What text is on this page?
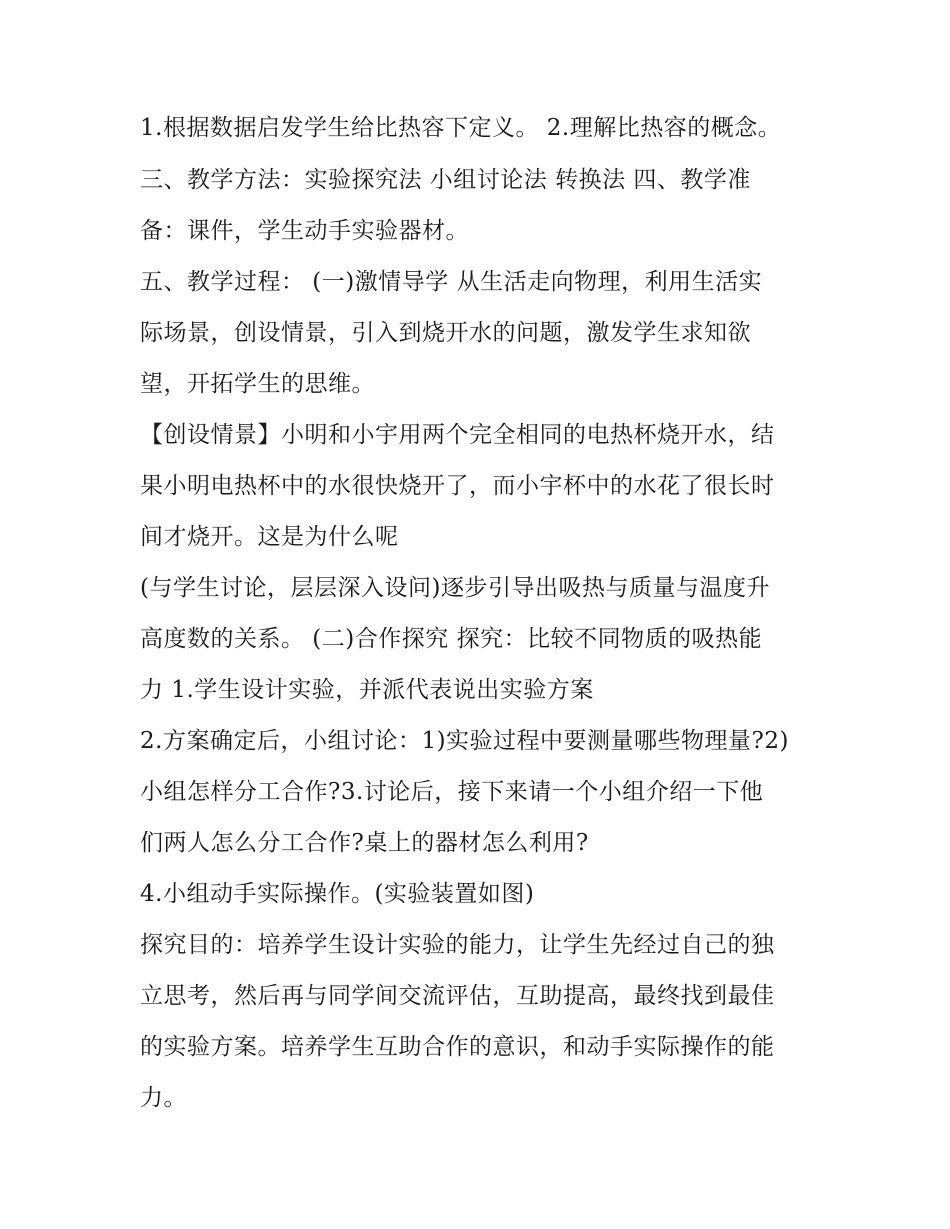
1.根据数据启发学生给比热容下定义。 2.理解比热容的概念。
三、教学方法：实验探究法 小组讨论法 转换法 四、教学准
备：课件，学生动手实验器材。
五、教学过程： (一)激情导学 从生活走向物理，利用生活实
际场景，创设情景，引入到烧开水的问题，激发学生求知欲
望，开拓学生的思维。
【创设情景】小明和小宇用两个完全相同的电热杯烧开水，结
果小明电热杯中的水很快烧开了，而小宇杯中的水花了很长时
间才烧开。这是为什么呢
(与学生讨论，层层深入设问)逐步引导出吸热与质量与温度升
高度数的关系。 (二)合作探究 探究：比较不同物质的吸热能
力 1.学生设计实验，并派代表说出实验方案
2.方案确定后，小组讨论：1)实验过程中要测量哪些物理量?2)
小组怎样分工合作?3.讨论后，接下来请一个小组介绍一下他
们两人怎么分工合作?桌上的器材怎么利用?
4.小组动手实际操作。(实验装置如图)
探究目的：培养学生设计实验的能力，让学生先经过自己的独
立思考，然后再与同学间交流评估，互助提高，最终找到最佳
的实验方案。培养学生互助合作的意识，和动手实际操作的能
力。
